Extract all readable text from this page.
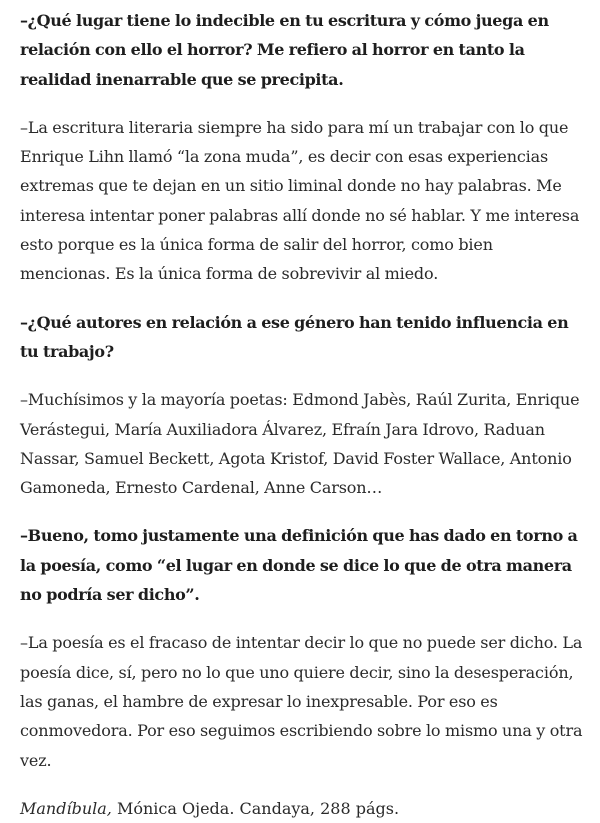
–¿Qué lugar tiene lo indecible en tu escritura y cómo juega en relación con ello el horror? Me refiero al horror en tanto la realidad inenarrable que se precipita.

–La escritura literaria siempre ha sido para mí un trabajar con lo que Enrique Lihn llamó “la zona muda”, es decir con esas experiencias extremas que te dejan en un sitio liminal donde no hay palabras. Me interesa intentar poner palabras allí donde no sé hablar. Y me interesa esto porque es la única forma de salir del horror, como bien mencionas. Es la única forma de sobrevivir al miedo.

–¿Qué autores en relación a ese género han tenido influencia en tu trabajo?

–Muchísimos y la mayoría poetas: Edmond Jabès, Raúl Zurita, Enrique Verástegui, María Auxiliadora Álvarez, Efraín Jara Idrovo, Raduan Nassar, Samuel Beckett, Agota Kristof, David Foster Wallace, Antonio Gamoneda, Ernesto Cardenal, Anne Carson…

–Bueno, tomo justamente una definición que has dado en torno a la poesía, como “el lugar en donde se dice lo que de otra manera no podría ser dicho”.

–La poesía es el fracaso de intentar decir lo que no puede ser dicho. La poesía dice, sí, pero no lo que uno quiere decir, sino la desesperación, las ganas, el hambre de expresar lo inexpresable. Por eso es conmovedora. Por eso seguimos escribiendo sobre lo mismo una y otra vez.

Mandíbula, Mónica Ojeda. Candaya, 288 págs.
